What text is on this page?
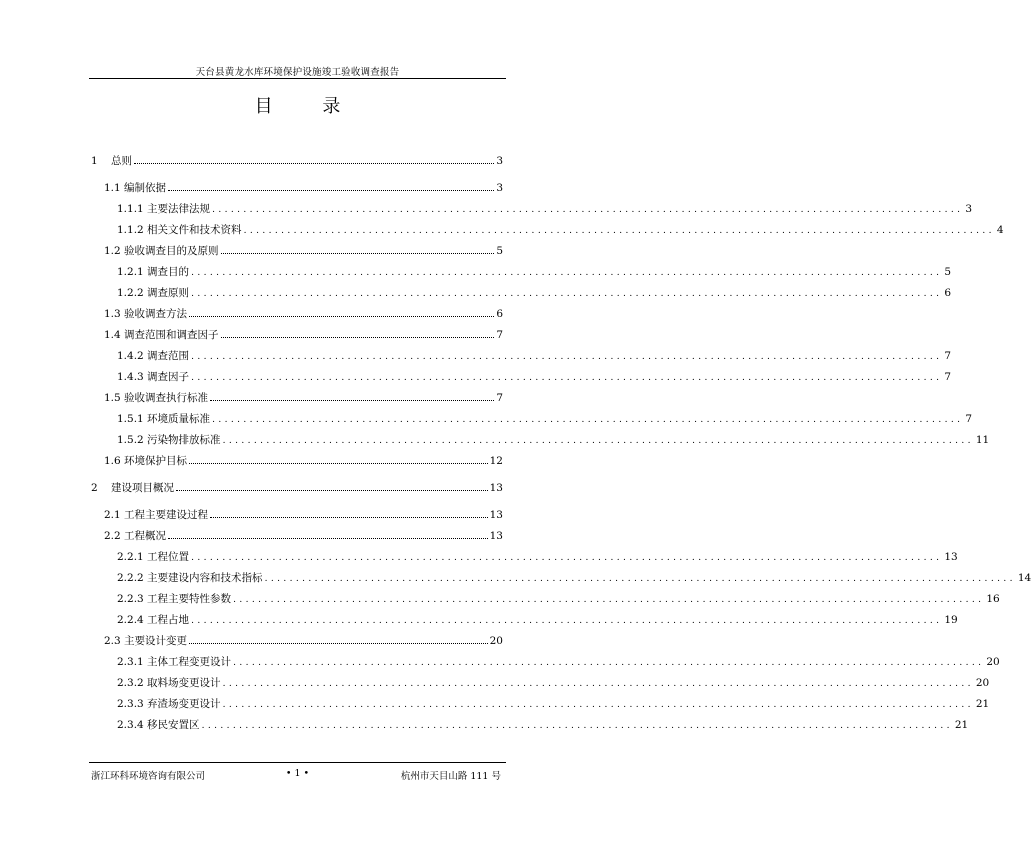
天台县黄龙水库环境保护设施竣工验收调查报告
目 录
1    总则	3
1.1 编制依据	3
1.1.1 主要法律法规 ........................................................................................................................ 3
1.1.2 相关文件和技术资料 ........................................................................................................................ 4
1.2 验收调查目的及原则	5
1.2.1 调查目的 ........................................................................................................................ 5
1.2.2 调查原则 ........................................................................................................................ 6
1.3 验收调查方法	6
1.4 调查范围和调查因子	7
1.4.2 调查范围 ........................................................................................................................ 7
1.4.3 调查因子 ........................................................................................................................ 7
1.5 验收调查执行标准	7
1.5.1 环境质量标准 ........................................................................................................................ 7
1.5.2 污染物排放标准 ........................................................................................................................ 11
1.6 环境保护目标	12
2    建设项目概况	13
2.1 工程主要建设过程	13
2.2 工程概况	13
2.2.1 工程位置 ........................................................................................................................ 13
2.2.2 主要建设内容和技术指标 ........................................................................................................................ 14
2.2.3 工程主要特性参数 ........................................................................................................................ 16
2.2.4 工程占地 ........................................................................................................................ 19
2.3 主要设计变更	20
2.3.1 主体工程变更设计 ........................................................................................................................ 20
2.3.2 取料场变更设计 ........................................................................................................................ 20
2.3.3 弃渣场变更设计 ........................................................................................................................ 21
2.3.4 移民安置区 ........................................................................................................................ 21
浙江环科环境咨询有限公司	• 1 •	杭州市天目山路 111 号
